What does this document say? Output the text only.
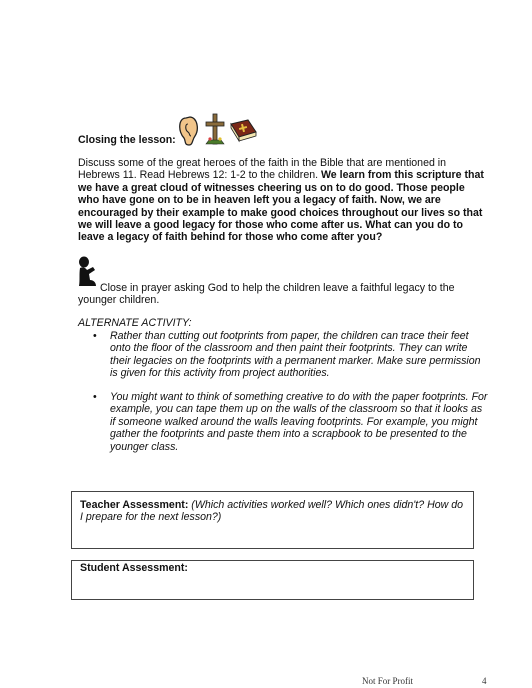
Closing the lesson:
Discuss some of the great heroes of the faith in the Bible that are mentioned in Hebrews 11. Read Hebrews 12: 1-2 to the children. We learn from this scripture that we have a great cloud of witnesses cheering us on to do good. Those people who have gone on to be in heaven left you a legacy of faith. Now, we are encouraged by their example to make good choices throughout our lives so that we will leave a good legacy for those who come after us. What can you do to leave a legacy of faith behind for those who come after you?
Close in prayer asking God to help the children leave a faithful legacy to the
younger children.
ALTERNATE ACTIVITY:
•	Rather than cutting out footprints from paper, the children can trace their feet onto the floor of the classroom and then paint their footprints. They can write their legacies on the footprints with a permanent marker. Make sure permission is given for this activity from project authorities.
•	You might want to think of something creative to do with the paper footprints. For example, you can tape them up on the walls of the classroom so that it looks as if someone walked around the walls leaving footprints. For example, you might gather the footprints and paste them into a scrapbook to be presented to the younger class.
Teacher Assessment: (Which activities worked well? Which ones didn't? How do I prepare for the next lesson?)
Student Assessment:
Not For Profit	4
